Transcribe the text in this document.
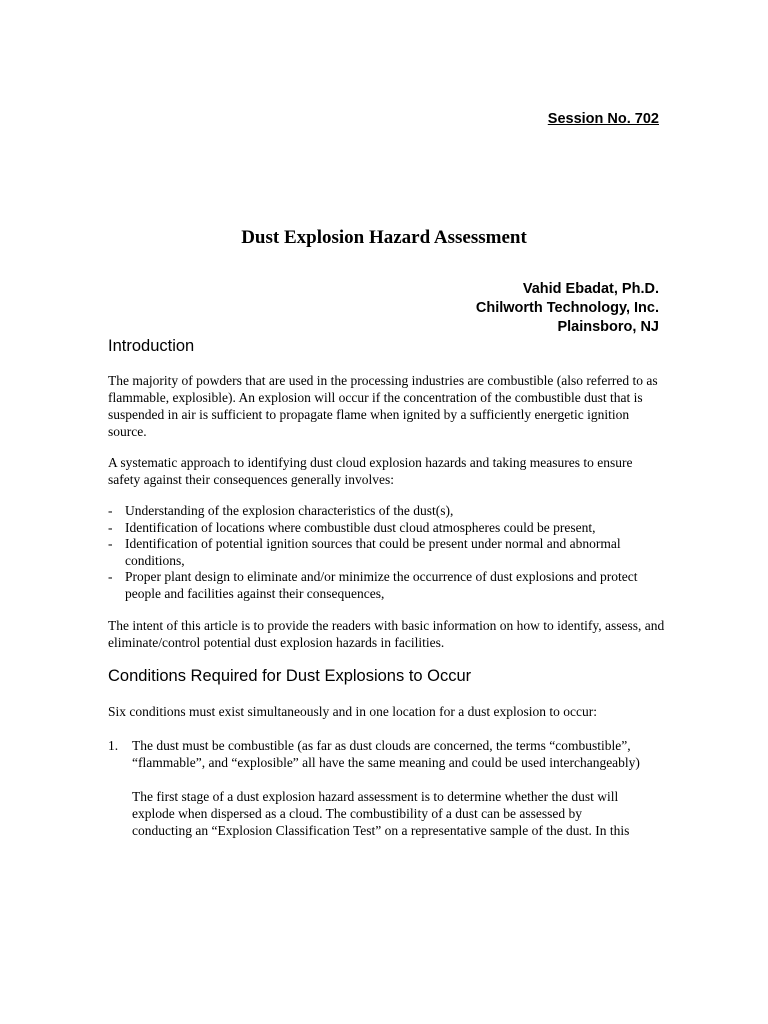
Session No. 702
Dust Explosion Hazard Assessment
Vahid Ebadat, Ph.D.
Chilworth Technology, Inc.
Plainsboro, NJ
Introduction
The majority of powders that are used in the processing industries are combustible (also referred to as flammable, explosible). An explosion will occur if the concentration of the combustible dust that is suspended in air is sufficient to propagate flame when ignited by a sufficiently energetic ignition source.
A systematic approach to identifying dust cloud explosion hazards and taking measures to ensure safety against their consequences generally involves:
- Understanding of the explosion characteristics of the dust(s),
- Identification of locations where combustible dust cloud atmospheres could be present,
- Identification of potential ignition sources that could be present under normal and abnormal conditions,
- Proper plant design to eliminate and/or minimize the occurrence of dust explosions and protect people and facilities against their consequences,
The intent of this article is to provide the readers with basic information on how to identify, assess, and eliminate/control potential dust explosion hazards in facilities.
Conditions Required for Dust Explosions to Occur
Six conditions must exist simultaneously and in one location for a dust explosion to occur:
1. The dust must be combustible (as far as dust clouds are concerned, the terms “combustible”, “flammable”, and “explosible” all have the same meaning and could be used interchangeably)
The first stage of a dust explosion hazard assessment is to determine whether the dust will explode when dispersed as a cloud. The combustibility of a dust can be assessed by conducting an “Explosion Classification Test” on a representative sample of the dust. In this
